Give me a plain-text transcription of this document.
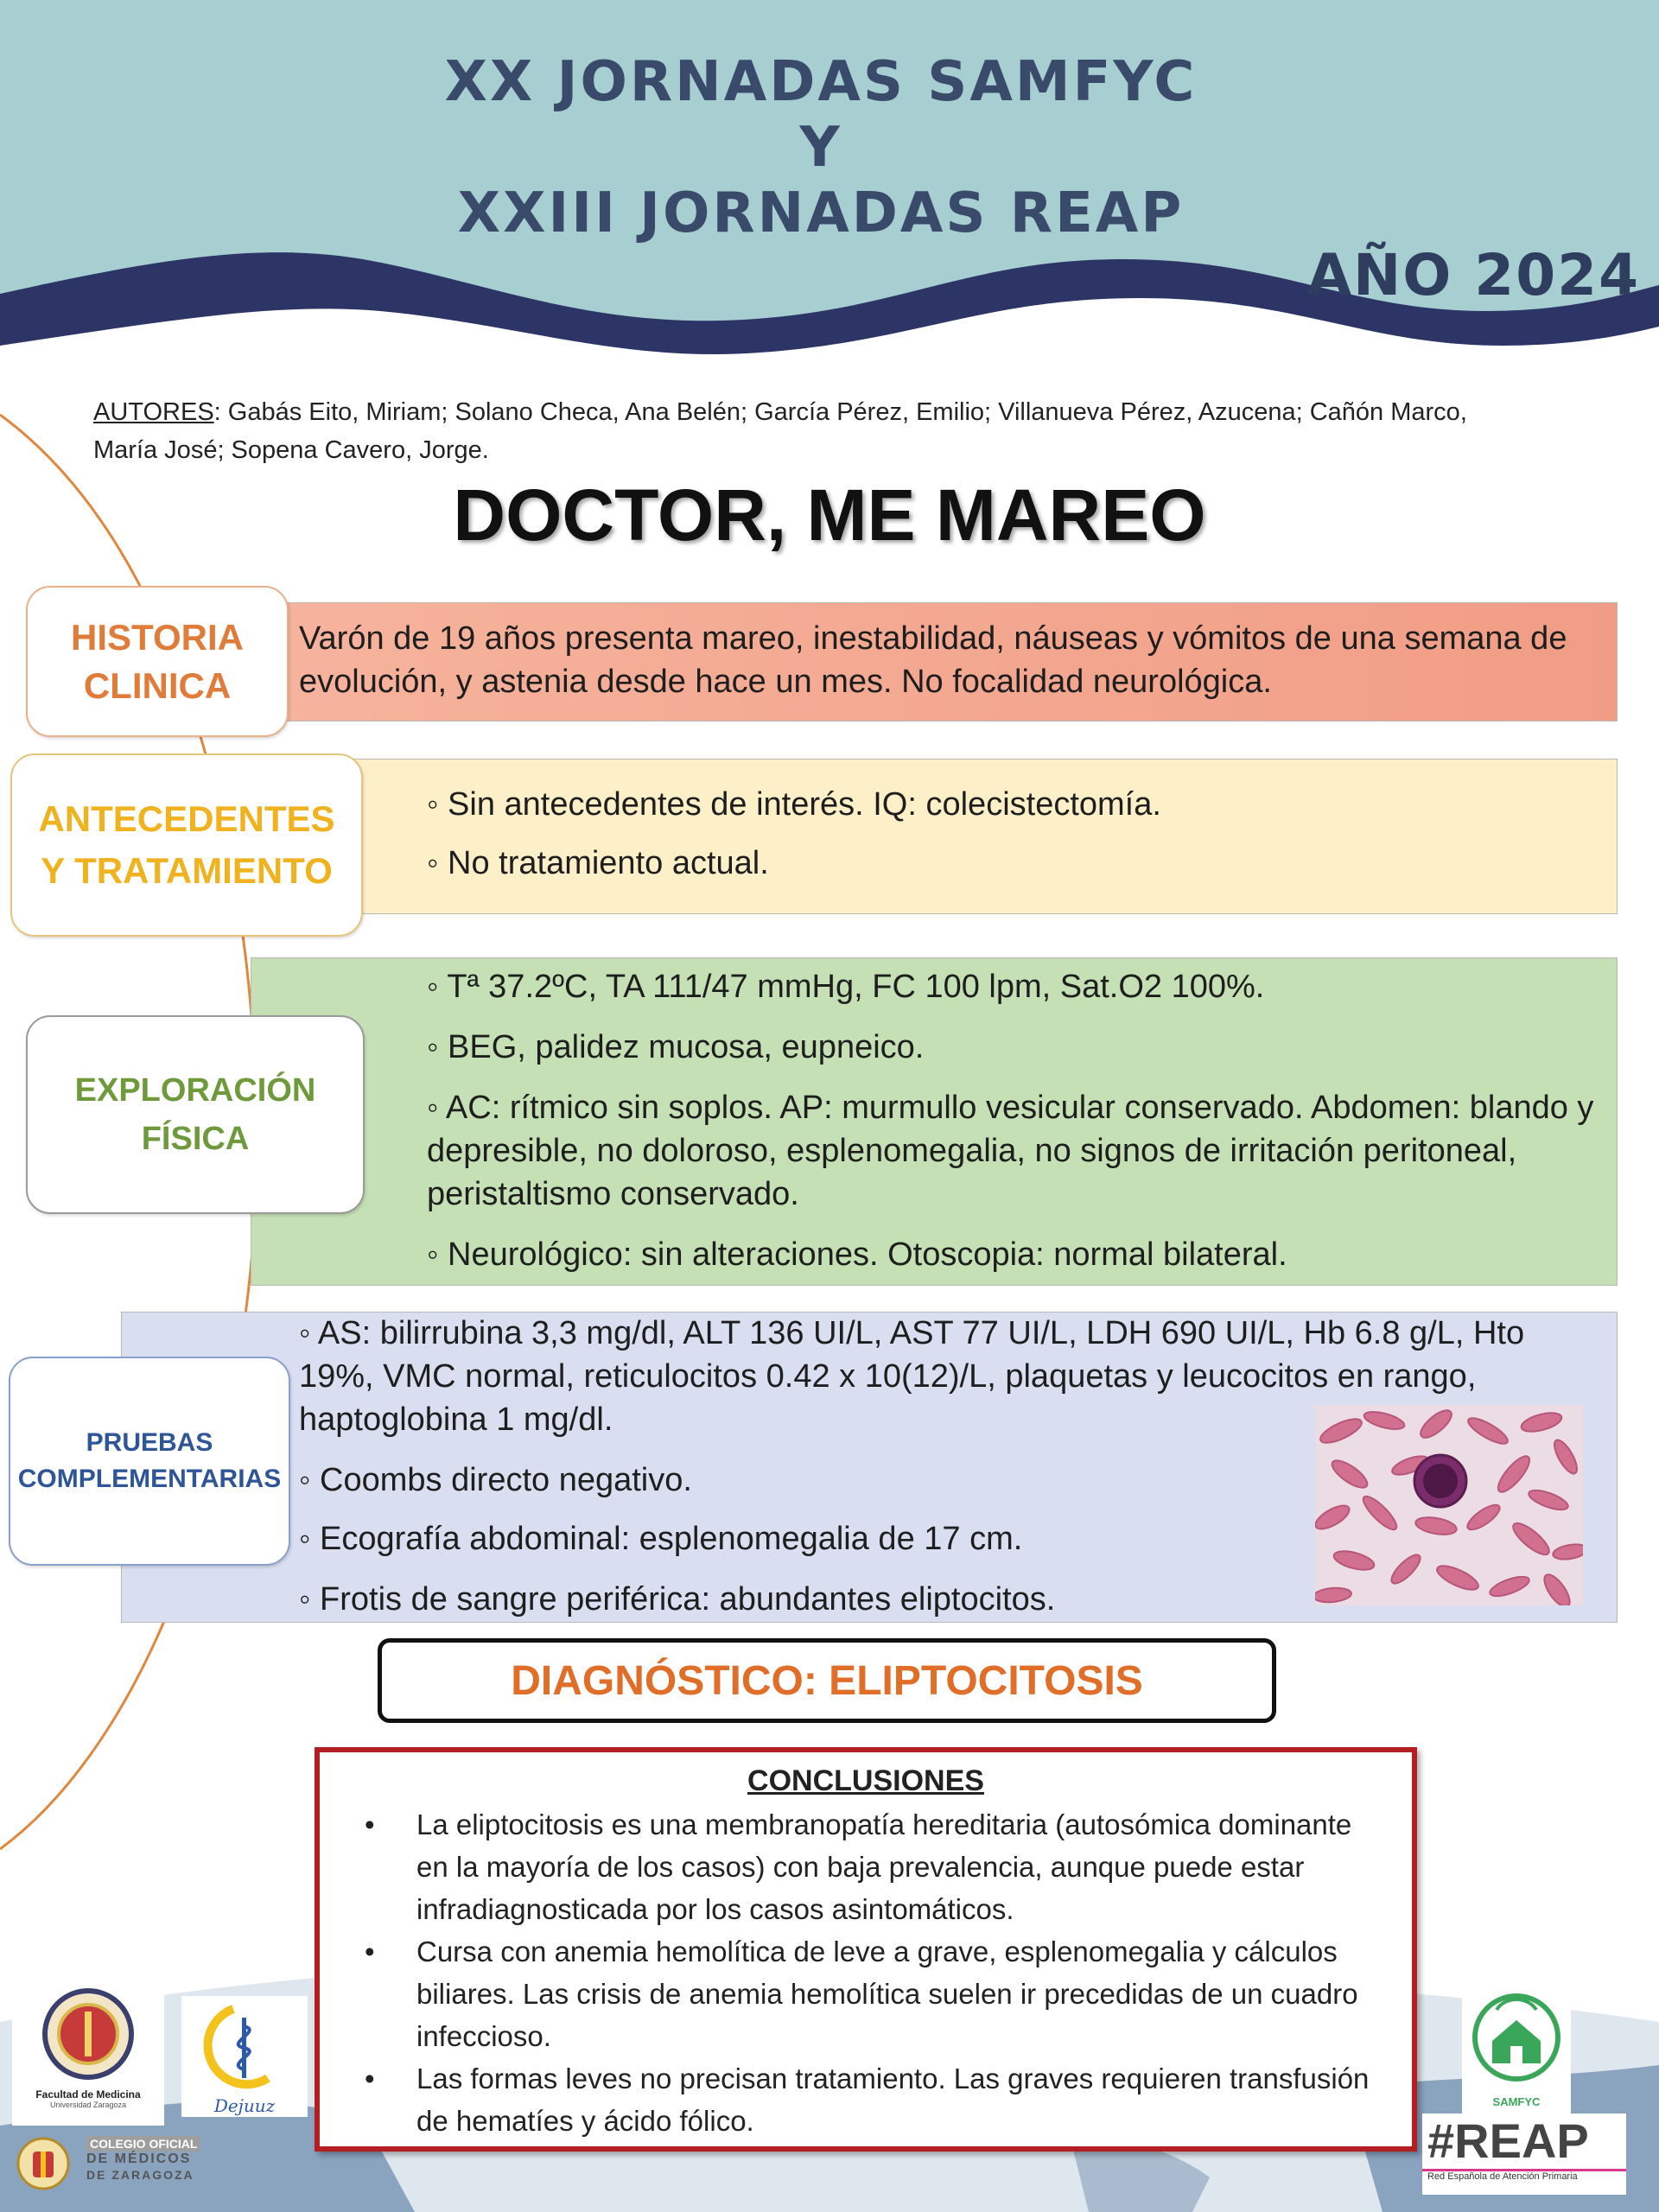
XX JORNADAS SAMFYC
Y
XXIII JORNADAS REAP
AÑO 2024
AUTORES: Gabás Eito, Miriam; Solano Checa, Ana Belén; García Pérez, Emilio; Villanueva Pérez, Azucena; Cañón Marco, María José; Sopena Cavero, Jorge.
DOCTOR, ME MAREO
Varón de 19 años presenta mareo, inestabilidad, náuseas y vómitos de una semana de evolución, y astenia desde hace un mes. No focalidad neurológica.
HISTORIA
CLINICA

◦ Sin antecedentes de interés. IQ: colecistectomía.

◦ No tratamiento actual.

ANTECEDENTES
Y TRATAMIENTO

◦ Tª 37.2ºC, TA 111/47 mmHg, FC 100 lpm, Sat.O2 100%.

◦ BEG, palidez mucosa, eupneico.

◦ AC: rítmico sin soplos. AP: murmullo vesicular conservado. Abdomen: blando y depresible, no doloroso, esplenomegalia, no signos de irritación peritoneal, peristaltismo conservado.

◦ Neurológico: sin alteraciones. Otoscopia: normal bilateral.

EXPLORACIÓN
FÍSICA
◦ AS: bilirrubina 3,3 mg/dl, ALT 136 UI/L, AST 77 UI/L, LDH 690 UI/L, Hb 6.8 g/L, Hto 19%, VMC normal, reticulocitos 0.42 x 10(12)/L, plaquetas y leucocitos en rango, haptoglobina 1 mg/dl.
◦ Coombs directo negativo.
◦ Ecografía abdominal: esplenomegalia de 17 cm.
◦ Frotis de sangre periférica: abundantes eliptocitos.
PRUEBAS
COMPLEMENTARIAS
DIAGNÓSTICO: ELIPTOCITOSIS
CONCLUSIONES
• La eliptocitosis es una membranopatía hereditaria (autosómica dominante en la mayoría de los casos) con baja prevalencia, aunque puede estar infradiagnosticada por los casos asintomáticos.
• Cursa con anemia hemolítica de leve a grave, esplenomegalia y cálculos biliares. Las crisis de anemia hemolítica suelen ir precedidas de un cuadro infeccioso.
• Las formas leves no precisan tratamiento. Las graves requieren transfusión de hematíes y ácido fólico.
Facultad de Medicina
Universidad Zaragoza	Dejuuz
COLEGIO OFICIAL
DE MÉDICOS
DE ZARAGOZA
SAMFYC
#REAP
Red Española de Atención Primaria
